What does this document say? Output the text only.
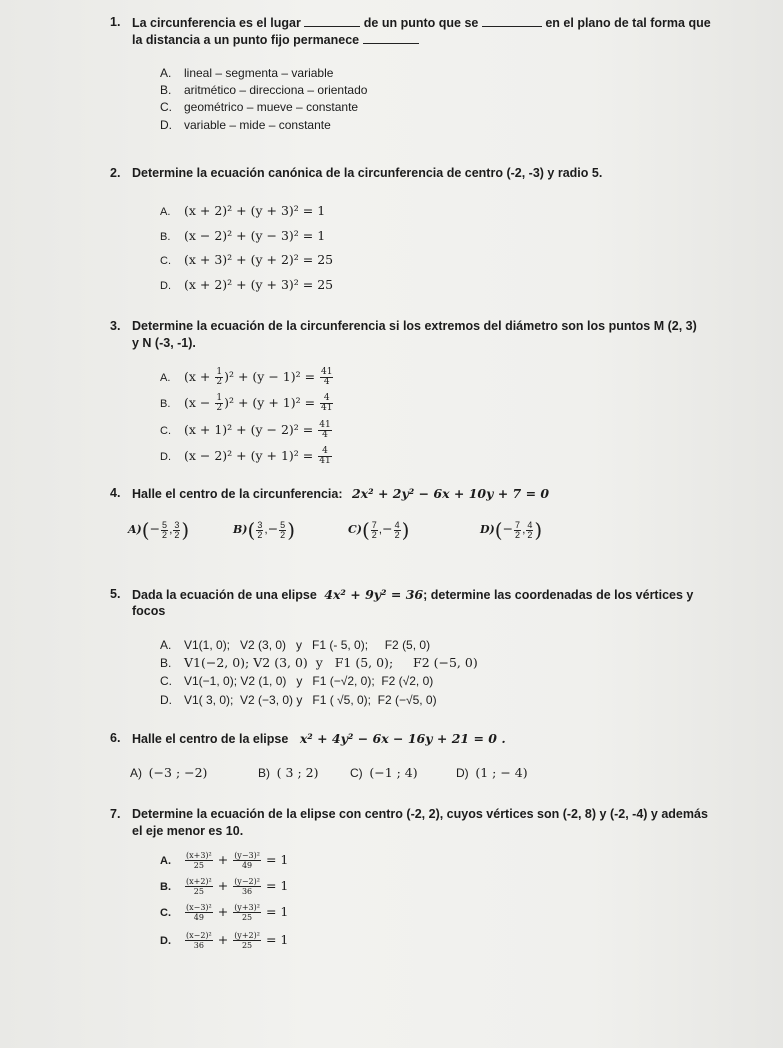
1. La circunferencia es el lugar	de un punto que se	en el plano de tal forma que
la distancia a un punto fijo permanece
A. lineal – segmenta – variable
B. aritmético – direcciona – orientado
C. geométrico – mueve – constante
D. variable – mide – constante
2. Determine la ecuación canónica de la circunferencia de centro (-2, -3) y radio 5.
A. (x + 2)² + (y + 3)² = 1
B. (x − 2)² + (y − 3)² = 1
C. (x + 3)² + (y + 2)² = 25
D. (x + 2)² + (y + 3)² = 25
3. Determine la ecuación de la circunferencia si los extremos del diámetro son los puntos M (2, 3)
y N (-3, -1).
A. $(x + \frac{1}{2} )^2 + (y - 1)^2 = \frac{41}{4}$
B. $(x - \frac{1}{2} )^2 + (y + 1)^2 = \frac{4}{41}$
C. $(x + 1)^2 + (y - 2)^2 = \frac{41}{4}$
D. $(x - 2)^2 + (y + 1)^2 = \frac{4}{41}$
4. Halle el centro de la circunferencia: 2x² + 2y² − 6x + 10y + 7 = 0
$A)(- \frac{5}{2}$ , $\frac{3}{2}$ )	$B)( \frac{3}{2}$ ,− $\frac{5}{2}$ )	$C)( \frac{7}{2}$ ,− $\frac{4}{2}$ )	$D)(- \frac{7}{2}$ , $\frac{4}{2}$ )
5. Dada la ecuación de una elipse 4x² + 9y² = 36; determine las coordenadas de los vértices y
focos
A. V1(1, 0);   V2 (3, 0)   y   F1 (- 5, 0);     F2 (5, 0)
B. V1(−2, 0); V2 (3, 0)  y   F1 (5, 0);     F2 (−5, 0)
C. V1(−1, 0); V2 (1, 0)   y   F1 (−√2, 0);  F2 (√2, 0)
D. V1( 3, 0);  V2 (−3, 0) y   F1 ( √5, 0);  F2 (−√5, 0)
6. Halle el centro de la elipse x² + 4y² − 6x − 16y + 21 = 0 .
A) (−3 ; −2)	B) ( 3 ; 2)	C) (−1 ; 4)	D) (1 ; − 4)
7. Determine la ecuación de la elipse con centro (-2, 2), cuyos vértices son (-2, 8) y (-2, -4) y además
el eje menor es 10.
A. $\frac{\text{(x+3)²}}{25} + \frac{\text{(y−3)²}}{49} = 1$
B. $\frac{\text{(x+2)²}}{25} + \frac{\text{(y−2)²}}{36} = 1$
C. $\frac{\text{(x−3)²}}{49} + \frac{\text{(y+3)²}}{25} = 1$
D. $\frac{\text{(x−2)²}}{36} + \frac{\text{(y+2)²}}{25} = 1$
